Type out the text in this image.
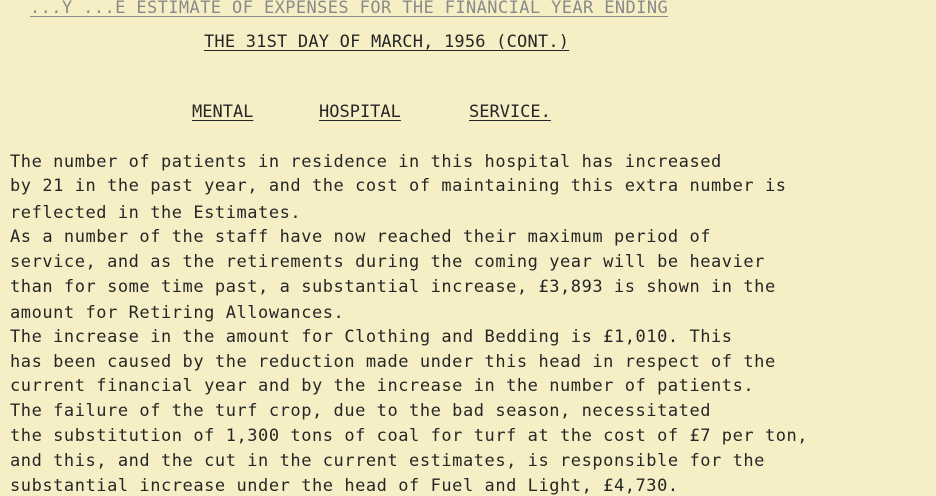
...Y ...E ESTIMATE OF EXPENSES FOR THE FINANCIAL YEAR ENDING
THE 31ST DAY OF MARCH, 1956 (CONT.)
MENTAL	HOSPITAL	SERVICE.
The number of patients in residence in this hospital has increased
by 21 in the past year, and the cost of maintaining this extra number is
reflected in the Estimates.
As a number of the staff have now reached their maximum period of
service, and as the retirements during the coming year will be heavier
than for some time past, a substantial increase, £3,893 is shown in the
amount for Retiring Allowances.
The increase in the amount for Clothing and Bedding is £1,010. This
has been caused by the reduction made under this head in respect of the
current financial year and by the increase in the number of patients.
The failure of the turf crop, due to the bad season, necessitated
the substitution of 1,300 tons of coal for turf at the cost of £7 per ton,
and this, and the cut in the current estimates, is responsible for the
substantial increase under the head of Fuel and Light, £4,730.
